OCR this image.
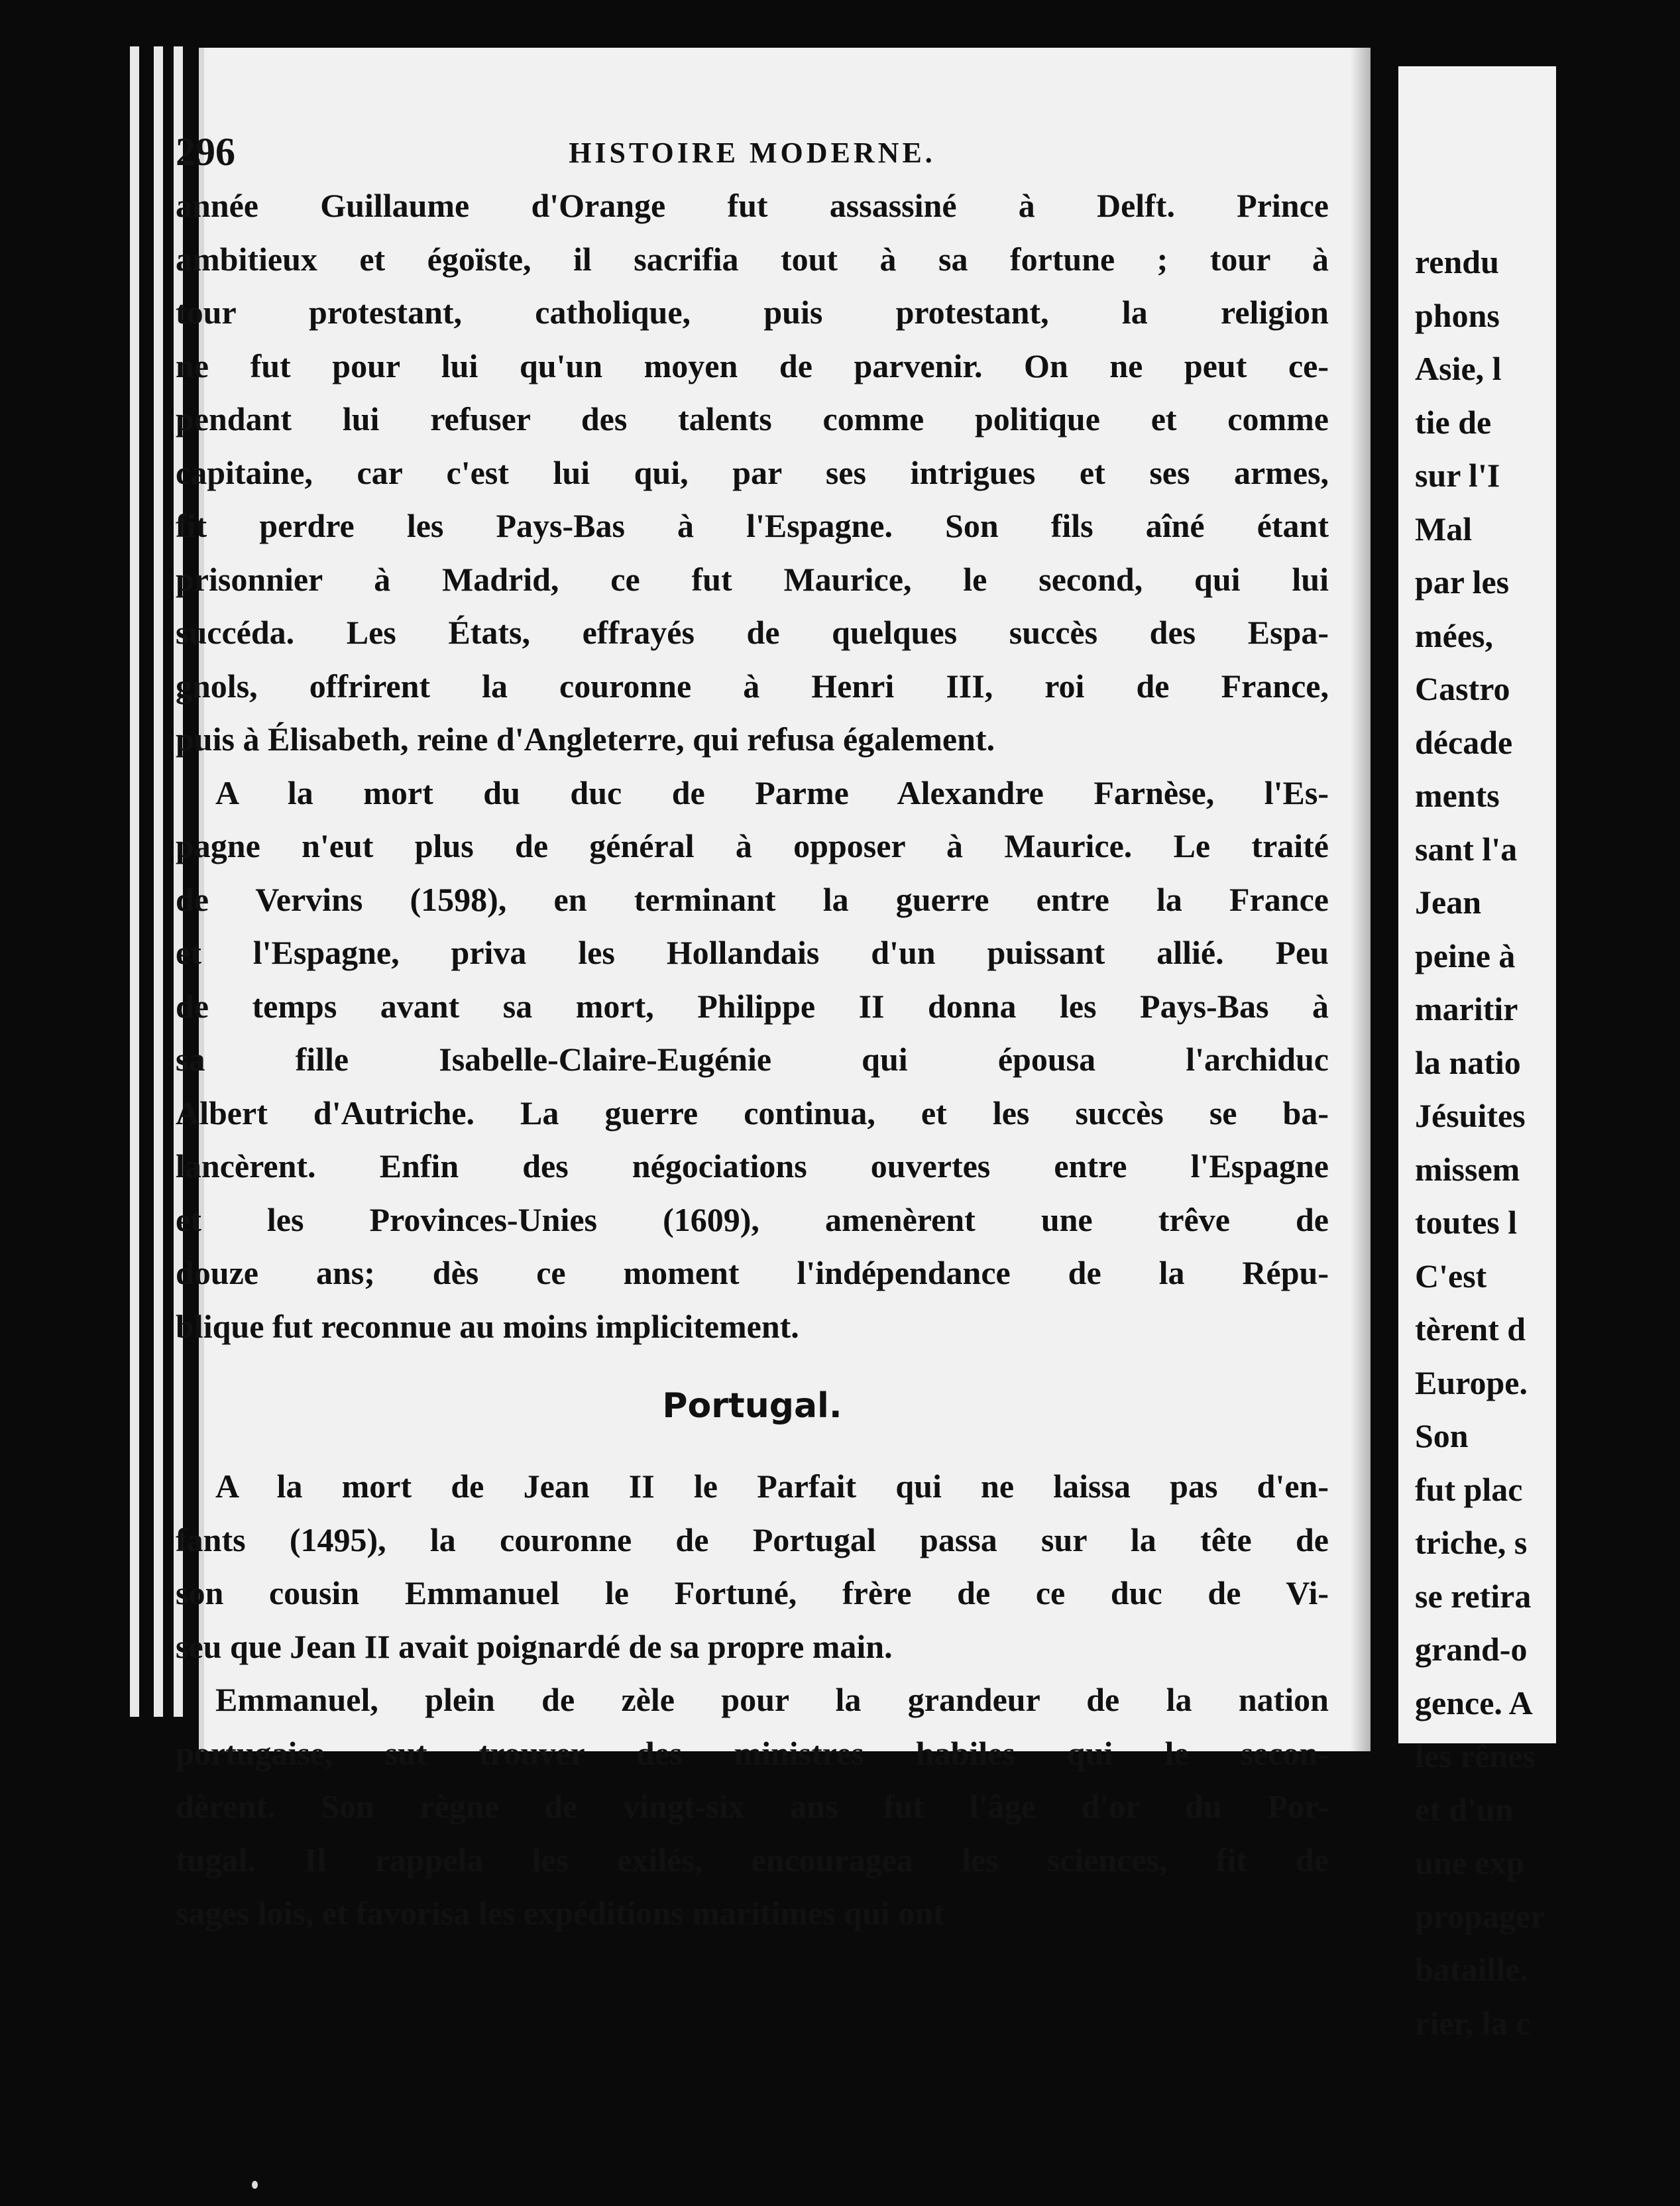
rendu
phons
Asie, l
tie de
sur l'I
Mal
par les
mées,
Castro
décade
ments
sant l'a
Jean
peine à
maritir
la natio
Jésuites
missem
toutes l
C'est
tèrent d
Europe.
Son
fut plac
triche, s
se retira
grand-o
gence. A
les rênes
et d'un
une exp
propager
bataille.
rier, la c
296	HISTOIRE MODERNE.
année Guillaume d'Orange fut assassiné à Delft. Prince
ambitieux et égoïste, il sacrifia tout à sa fortune ; tour à
tour protestant, catholique, puis protestant, la religion
ne fut pour lui qu'un moyen de parvenir. On ne peut ce-
pendant lui refuser des talents comme politique et comme
capitaine, car c'est lui qui, par ses intrigues et ses armes,
fit perdre les Pays-Bas à l'Espagne. Son fils aîné étant
prisonnier à Madrid, ce fut Maurice, le second, qui lui
succéda. Les États, effrayés de quelques succès des Espa-
gnols, offrirent la couronne à Henri III, roi de France,
puis à Élisabeth, reine d'Angleterre, qui refusa également.
A la mort du duc de Parme Alexandre Farnèse, l'Es-
pagne n'eut plus de général à opposer à Maurice. Le traité
de Vervins (1598), en terminant la guerre entre la France
et l'Espagne, priva les Hollandais d'un puissant allié. Peu
de temps avant sa mort, Philippe II donna les Pays-Bas à
sa fille Isabelle-Claire-Eugénie qui épousa l'archiduc
Albert d'Autriche. La guerre continua, et les succès se ba-
lancèrent. Enfin des négociations ouvertes entre l'Espagne
et les Provinces-Unies (1609), amenèrent une trêve de
douze ans; dès ce moment l'indépendance de la Répu-
blique fut reconnue au moins implicitement.
Portugal.
A la mort de Jean II le Parfait qui ne laissa pas d'en-
fants (1495), la couronne de Portugal passa sur la tête de
son cousin Emmanuel le Fortuné, frère de ce duc de Vi-
seu que Jean II avait poignardé de sa propre main.
Emmanuel, plein de zèle pour la grandeur de la nation
portugaise, sut trouver des ministres habiles qui le secon-
dèrent. Son règne de vingt-six ans fut l'âge d'or du Por-
tugal. Il rappela les exilés, encouragea les sciences, fit de
sages lois, et favorisa les expéditions maritimes qui ont
